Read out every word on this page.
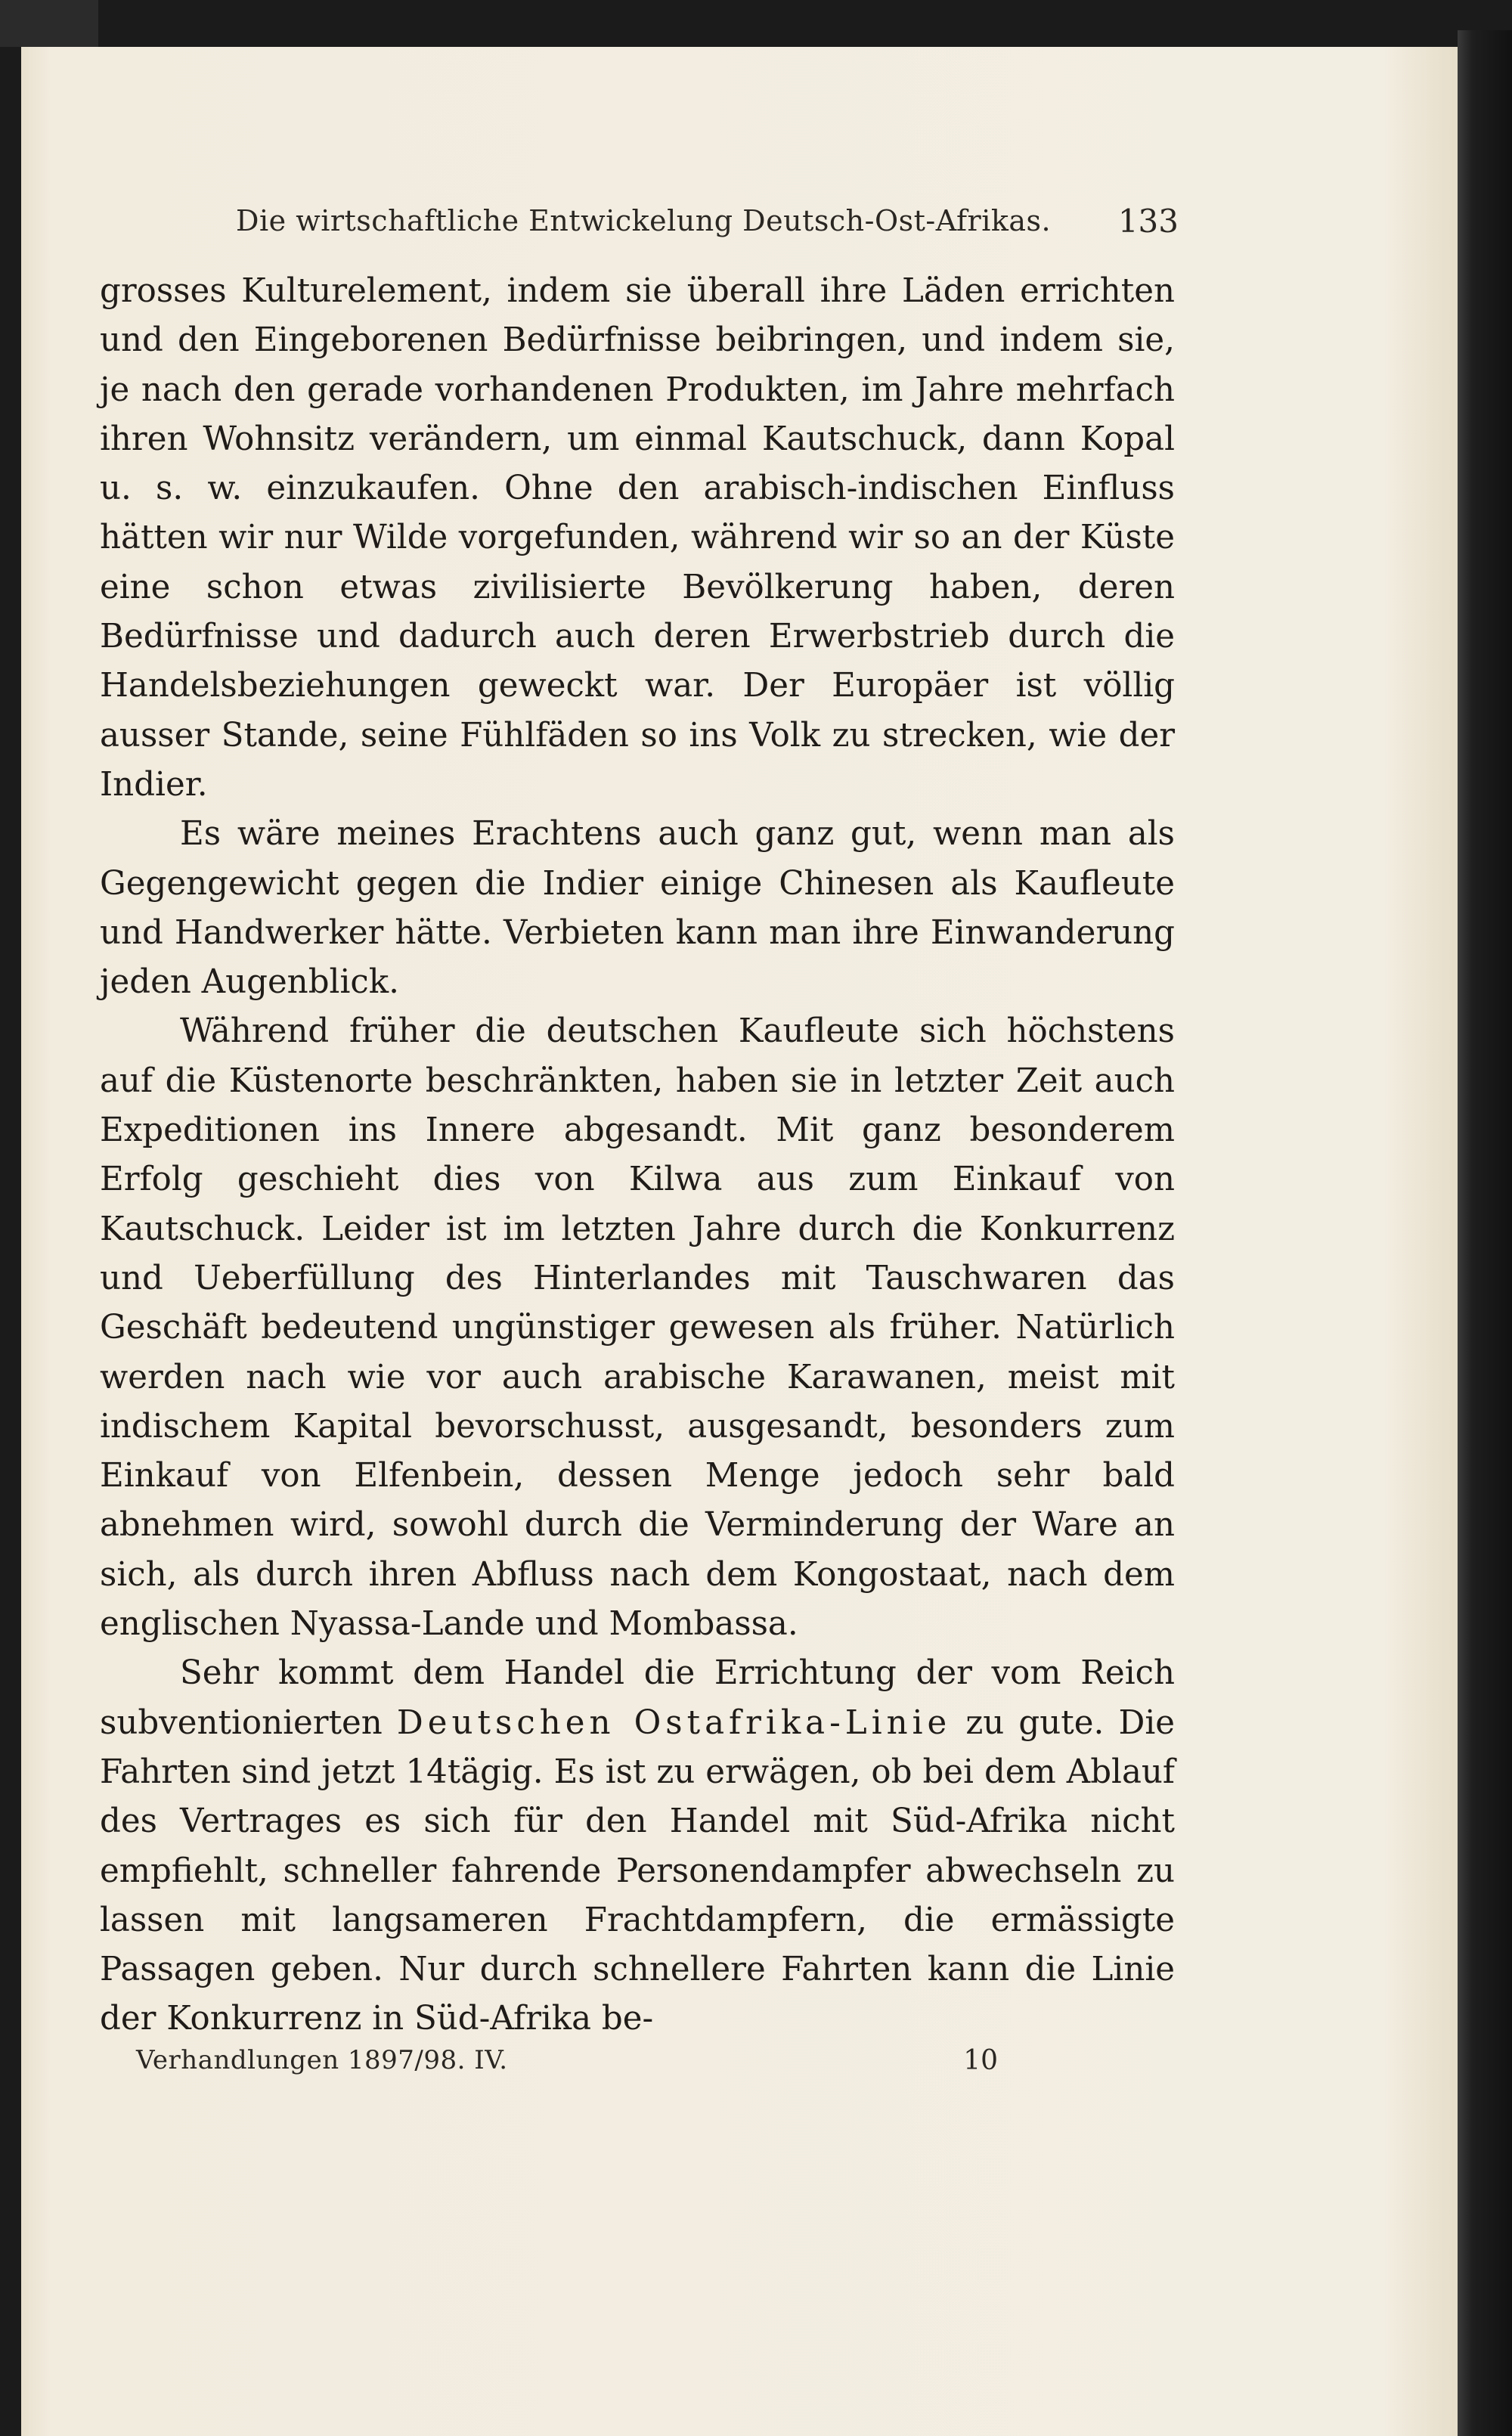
Die wirtschaftliche Entwickelung Deutsch-Ost-Afrikas. 133

grosses Kulturelement, indem sie überall ihre Läden errichten und den Eingeborenen Bedürfnisse beibringen, und indem sie, je nach den gerade vorhandenen Produkten, im Jahre mehrfach ihren Wohnsitz verändern, um einmal Kautschuck, dann Kopal u. s. w. einzukaufen. Ohne den arabisch-indischen Einfluss hätten wir nur Wilde vorgefunden, während wir so an der Küste eine schon etwas zivilisierte Bevölkerung haben, deren Bedürfnisse und dadurch auch deren Erwerbstrieb durch die Handelsbeziehungen geweckt war. Der Europäer ist völlig ausser Stande, seine Fühlfäden so ins Volk zu strecken, wie der Indier.

Es wäre meines Erachtens auch ganz gut, wenn man als Gegengewicht gegen die Indier einige Chinesen als Kaufleute und Handwerker hätte. Verbieten kann man ihre Einwanderung jeden Augenblick.

Während früher die deutschen Kaufleute sich höchstens auf die Küstenorte beschränkten, haben sie in letzter Zeit auch Expeditionen ins Innere abgesandt. Mit ganz besonderem Erfolg geschieht dies von Kilwa aus zum Einkauf von Kautschuck. Leider ist im letzten Jahre durch die Konkurrenz und Ueberfüllung des Hinterlandes mit Tauschwaren das Geschäft bedeutend ungünstiger gewesen als früher. Natürlich werden nach wie vor auch arabische Karawanen, meist mit indischem Kapital bevorschusst, ausgesandt, besonders zum Einkauf von Elfenbein, dessen Menge jedoch sehr bald abnehmen wird, sowohl durch die Verminderung der Ware an sich, als durch ihren Abfluss nach dem Kongostaat, nach dem englischen Nyassa-Lande und Mombassa.

Sehr kommt dem Handel die Errichtung der vom Reich subventionierten Deutschen Ostafrika-Linie zu gute. Die Fahrten sind jetzt 14tägig. Es ist zu erwägen, ob bei dem Ablauf des Vertrages es sich für den Handel mit Süd-Afrika nicht empfiehlt, schneller fahrende Personendampfer abwechseln zu lassen mit langsameren Frachtdampfern, die ermässigte Passagen geben. Nur durch schnellere Fahrten kann die Linie der Konkurrenz in Süd-Afrika be-

Verhandlungen 1897/98. IV.	10
